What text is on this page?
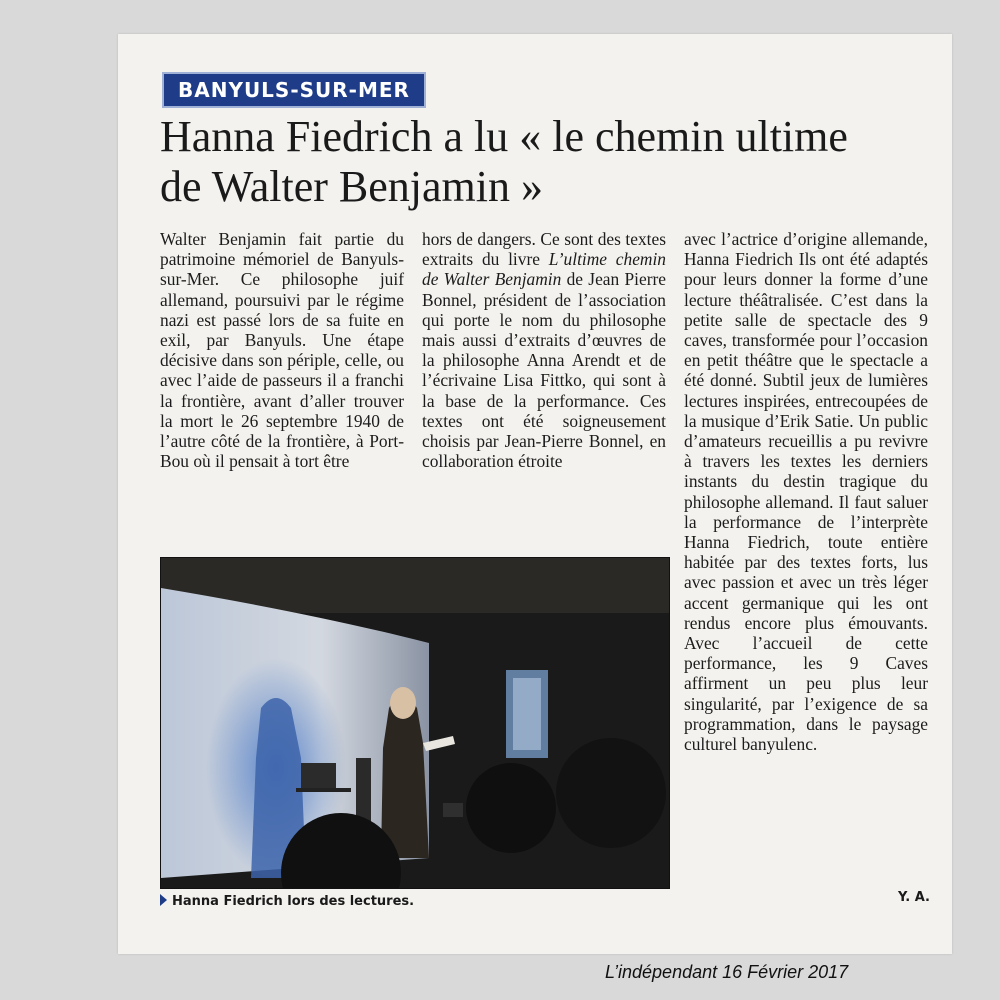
BANYULS-SUR-MER
Hanna Fiedrich a lu « le chemin ultime de Walter Benjamin »

Walter Benjamin fait partie du patrimoine mémoriel de Banyuls-sur-Mer. Ce philosophe juif allemand, poursuivi par le régime nazi est passé lors de sa fuite en exil, par Banyuls. Une étape décisive dans son périple, celle, ou avec l’aide de passeurs il a franchi la frontière, avant d’aller trouver la mort le 26 septembre 1940 de l’autre côté de la frontière, à Port-Bou où il pensait à tort être

hors de dangers. Ce sont des textes extraits du livre L’ultime chemin de Walter Benjamin de Jean Pierre Bonnel, président de l’association qui porte le nom du philosophe mais aussi d’extraits d’œuvres de la philosophe Anna Arendt et de l’écrivaine Lisa Fittko, qui sont à la base de la performance. Ces textes ont été soigneusement choisis par Jean-Pierre Bonnel, en collaboration étroite

avec l’actrice d’origine allemande, Hanna Fiedrich Ils ont été adaptés pour leurs donner la forme d’une lecture théâtralisée. C’est dans la petite salle de spectacle des 9 caves, transformée pour l’occasion en petit théâtre que le spectacle a été donné. Subtil jeux de lumières lectures inspirées, entrecoupées de la musique d’Erik Satie. Un public d’amateurs recueillis a pu revivre à travers les textes les derniers instants du destin tragique du philosophe allemand. Il faut saluer la performance de l’interprète Hanna Fiedrich, toute entière habitée par des textes forts, lus avec passion et avec un très léger accent germanique qui les ont rendus encore plus émouvants. Avec l’accueil de cette performance, les 9 Caves affirment un peu plus leur singularité, par l’exigence de sa programmation, dans le paysage culturel banyulenc.

Hanna Fiedrich lors des lectures.	Y. A.
L’indépendant 16 Février 2017
